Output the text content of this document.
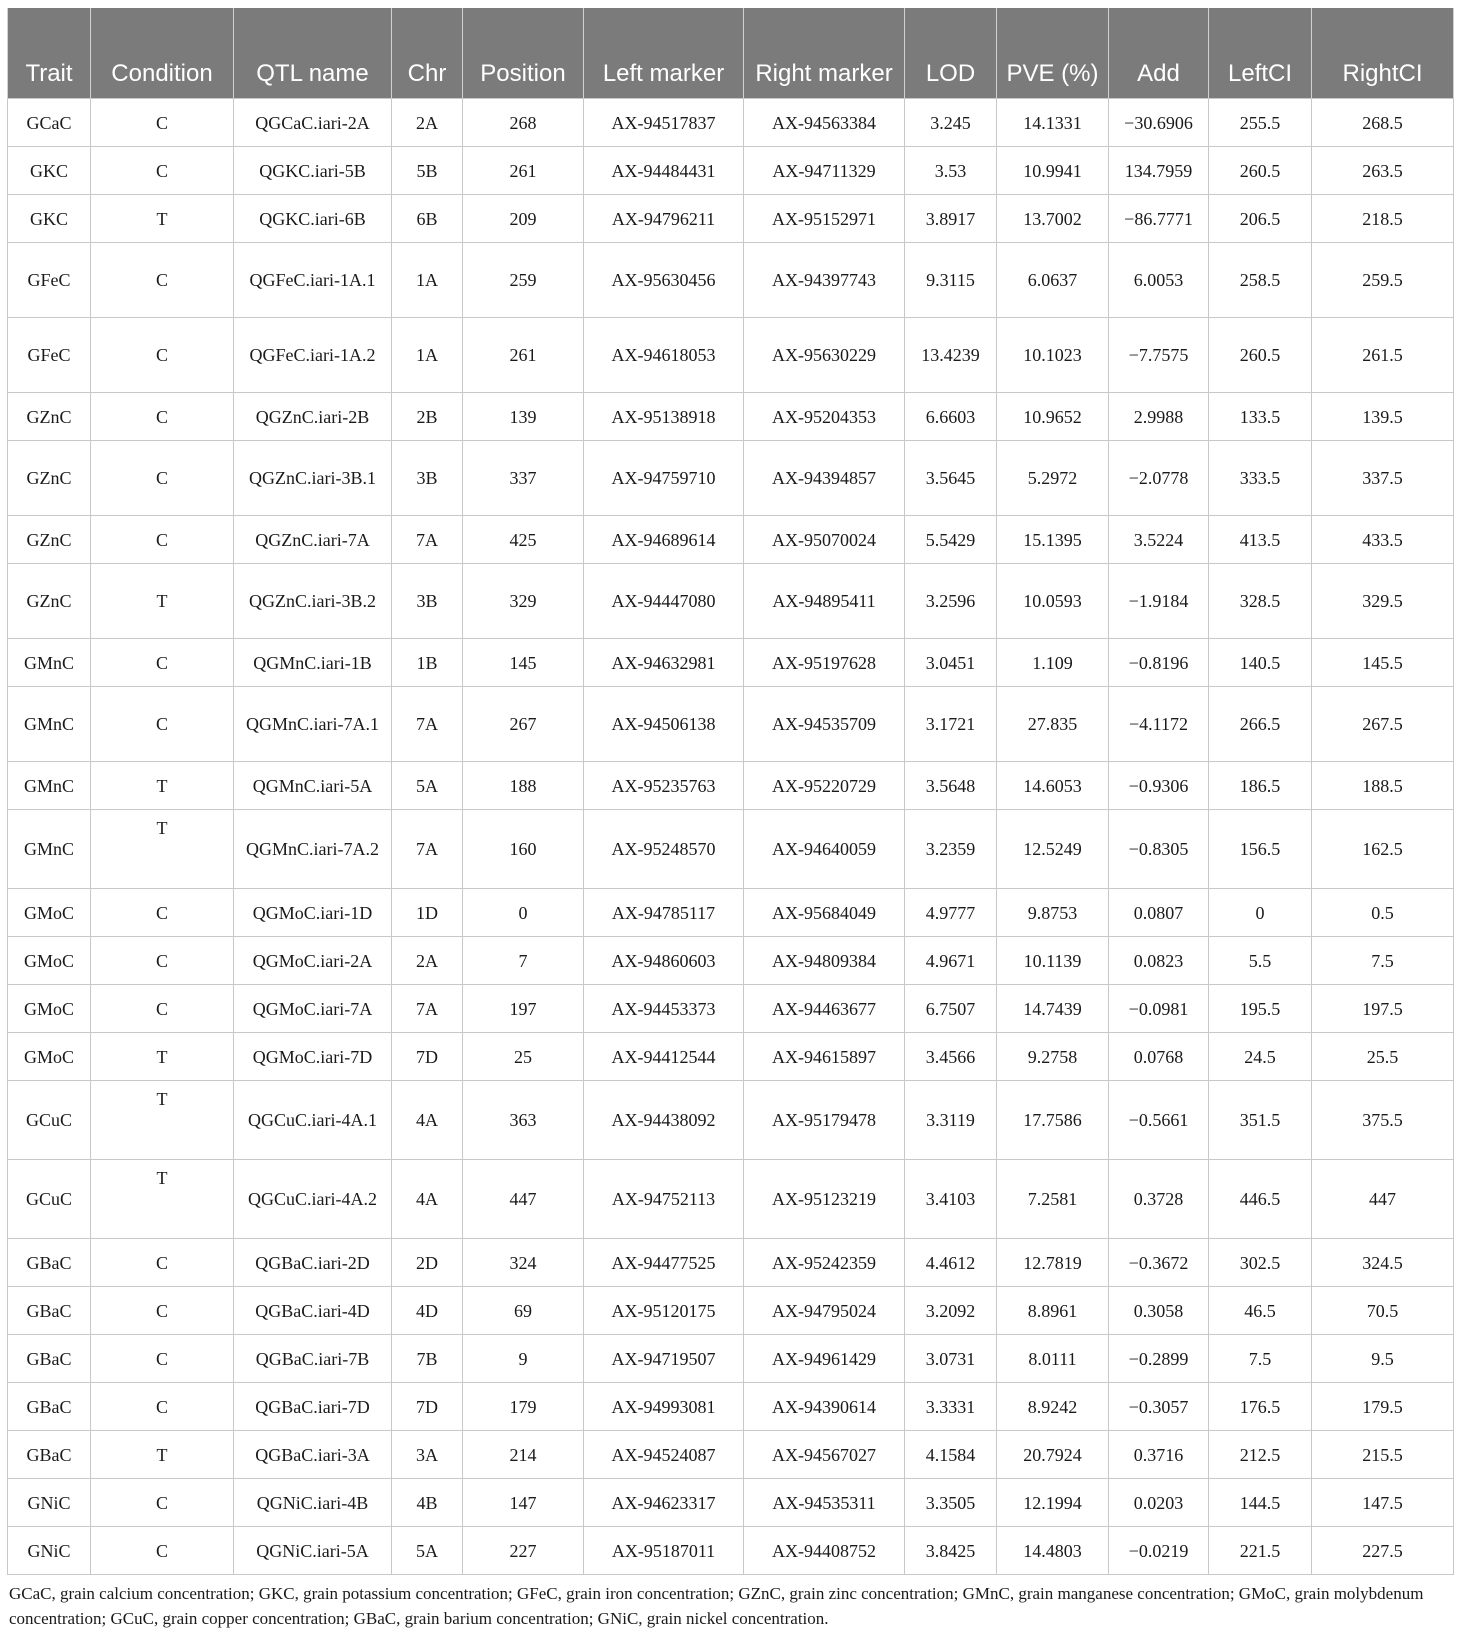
Trait	Condition	QTL name	Chr	Position	Left marker	Right marker	LOD	PVE (%)	Add	LeftCI	RightCI
GCaC	C	QGCaC.iari-2A	2A	268	AX-94517837	AX-94563384	3.245	14.1331	−30.6906	255.5	268.5
GKC	C	QGKC.iari-5B	5B	261	AX-94484431	AX-94711329	3.53	10.9941	134.7959	260.5	263.5
GKC	T	QGKC.iari-6B	6B	209	AX-94796211	AX-95152971	3.8917	13.7002	−86.7771	206.5	218.5
GFeC	C	QGFeC.iari-1A.1	1A	259	AX-95630456	AX-94397743	9.3115	6.0637	6.0053	258.5	259.5
GFeC	C	QGFeC.iari-1A.2	1A	261	AX-94618053	AX-95630229	13.4239	10.1023	−7.7575	260.5	261.5
GZnC	C	QGZnC.iari-2B	2B	139	AX-95138918	AX-95204353	6.6603	10.9652	2.9988	133.5	139.5
GZnC	C	QGZnC.iari-3B.1	3B	337	AX-94759710	AX-94394857	3.5645	5.2972	−2.0778	333.5	337.5
GZnC	C	QGZnC.iari-7A	7A	425	AX-94689614	AX-95070024	5.5429	15.1395	3.5224	413.5	433.5
GZnC	T	QGZnC.iari-3B.2	3B	329	AX-94447080	AX-94895411	3.2596	10.0593	−1.9184	328.5	329.5
GMnC	C	QGMnC.iari-1B	1B	145	AX-94632981	AX-95197628	3.0451	1.109	−0.8196	140.5	145.5
GMnC	C	QGMnC.iari-7A.1	7A	267	AX-94506138	AX-94535709	3.1721	27.835	−4.1172	266.5	267.5
GMnC	T	QGMnC.iari-5A	5A	188	AX-95235763	AX-95220729	3.5648	14.6053	−0.9306	186.5	188.5
GMnC	T	QGMnC.iari-7A.2	7A	160	AX-95248570	AX-94640059	3.2359	12.5249	−0.8305	156.5	162.5
GMoC	C	QGMoC.iari-1D	1D	0	AX-94785117	AX-95684049	4.9777	9.8753	0.0807	0	0.5
GMoC	C	QGMoC.iari-2A	2A	7	AX-94860603	AX-94809384	4.9671	10.1139	0.0823	5.5	7.5
GMoC	C	QGMoC.iari-7A	7A	197	AX-94453373	AX-94463677	6.7507	14.7439	−0.0981	195.5	197.5
GMoC	T	QGMoC.iari-7D	7D	25	AX-94412544	AX-94615897	3.4566	9.2758	0.0768	24.5	25.5
GCuC	T	QGCuC.iari-4A.1	4A	363	AX-94438092	AX-95179478	3.3119	17.7586	−0.5661	351.5	375.5
GCuC	T	QGCuC.iari-4A.2	4A	447	AX-94752113	AX-95123219	3.4103	7.2581	0.3728	446.5	447
GBaC	C	QGBaC.iari-2D	2D	324	AX-94477525	AX-95242359	4.4612	12.7819	−0.3672	302.5	324.5
GBaC	C	QGBaC.iari-4D	4D	69	AX-95120175	AX-94795024	3.2092	8.8961	0.3058	46.5	70.5
GBaC	C	QGBaC.iari-7B	7B	9	AX-94719507	AX-94961429	3.0731	8.0111	−0.2899	7.5	9.5
GBaC	C	QGBaC.iari-7D	7D	179	AX-94993081	AX-94390614	3.3331	8.9242	−0.3057	176.5	179.5
GBaC	T	QGBaC.iari-3A	3A	214	AX-94524087	AX-94567027	4.1584	20.7924	0.3716	212.5	215.5
GNiC	C	QGNiC.iari-4B	4B	147	AX-94623317	AX-94535311	3.3505	12.1994	0.0203	144.5	147.5
GNiC	C	QGNiC.iari-5A	5A	227	AX-95187011	AX-94408752	3.8425	14.4803	−0.0219	221.5	227.5
GCaC, grain calcium concentration; GKC, grain potassium concentration; GFeC, grain iron concentration; GZnC, grain zinc concentration; GMnC, grain manganese concentration; GMoC, grain molybdenum concentration; GCuC, grain copper concentration; GBaC, grain barium concentration; GNiC, grain nickel concentration.
